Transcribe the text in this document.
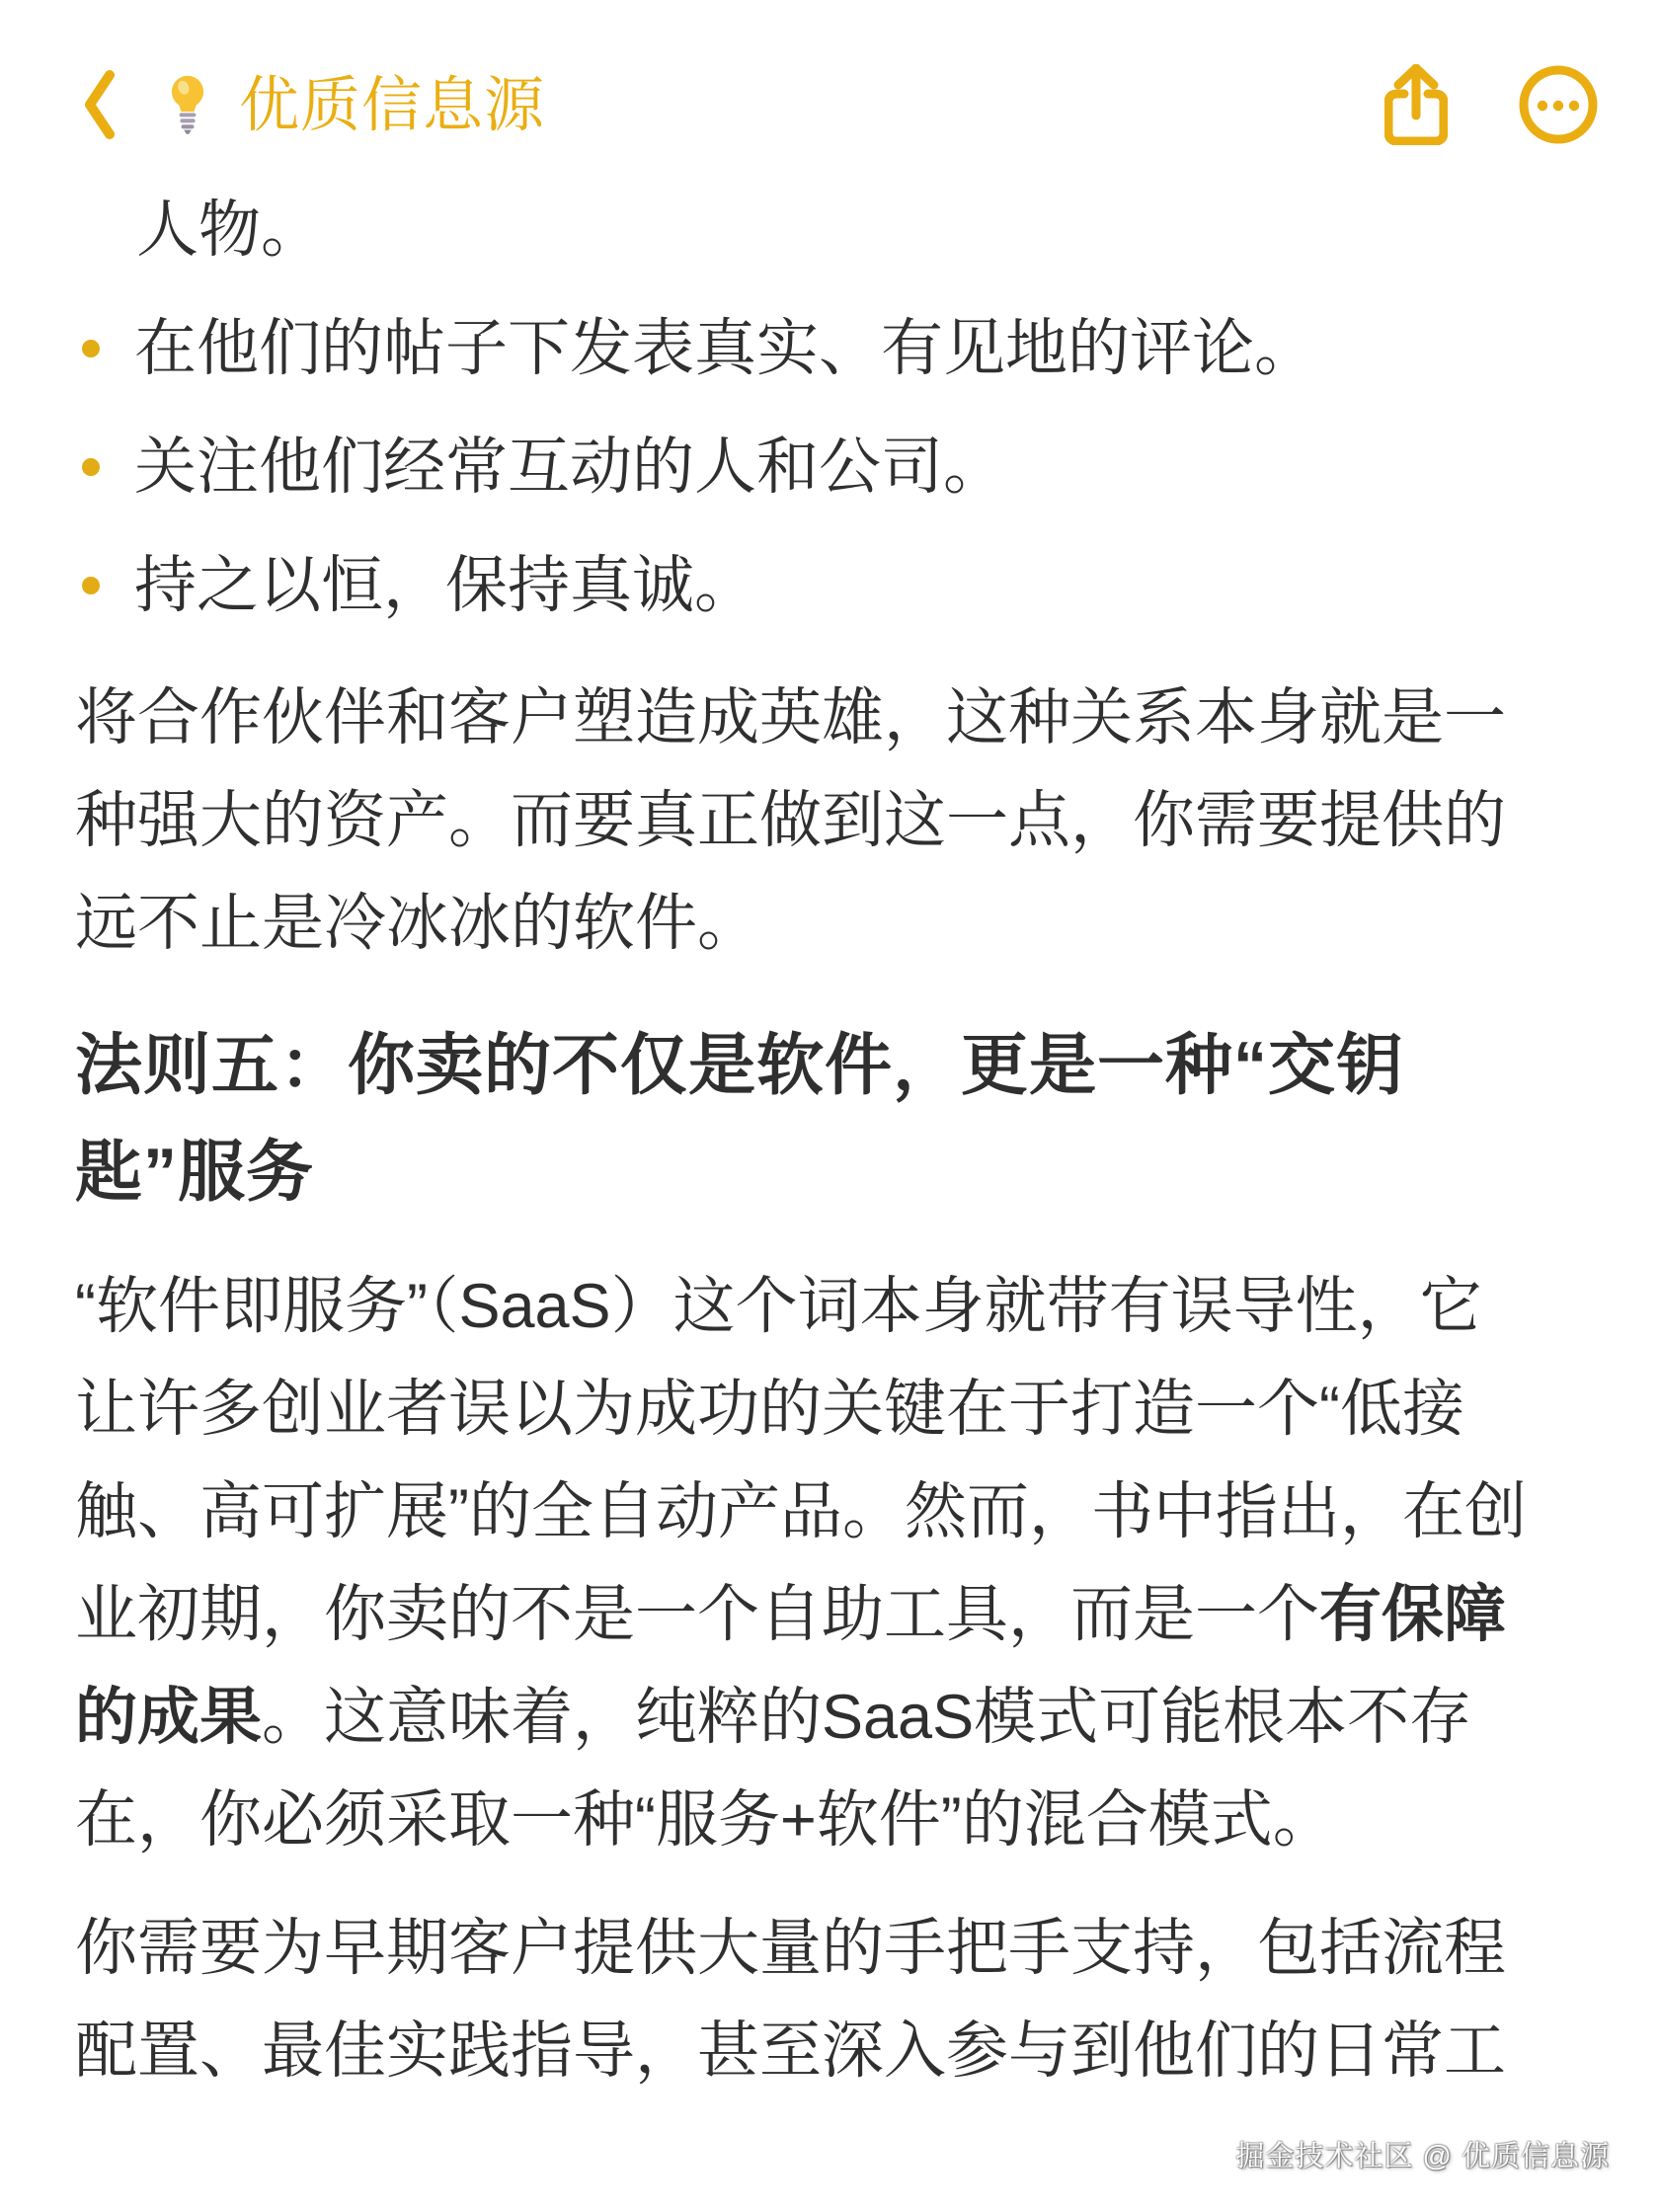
优质信息源
人物。
在他们的帖子下发表真实、有见地的评论。
关注他们经常互动的人和公司。
持之以恒，保持真诚。
将合作伙伴和客户塑造成英雄，这种关系本身就是一
种强大的资产。而要真正做到这一点，你需要提供的
远不止是冷冰冰的软件。
法则五：你卖的不仅是软件，更是一种“交钥
匙”服务
“软件即服务”（SaaS）这个词本身就带有误导性，它
让许多创业者误以为成功的关键在于打造一个“低接
触、高可扩展”的全自动产品。然而，书中指出，在创
业初期，你卖的不是一个自助工具，而是一个有保障
的成果。这意味着，纯粹的SaaS模式可能根本不存
在，你必须采取一种“服务+软件”的混合模式。
你需要为早期客户提供大量的手把手支持，包括流程
配置、最佳实践指导，甚至深入参与到他们的日常工
掘金技术社区 @ 优质信息源
